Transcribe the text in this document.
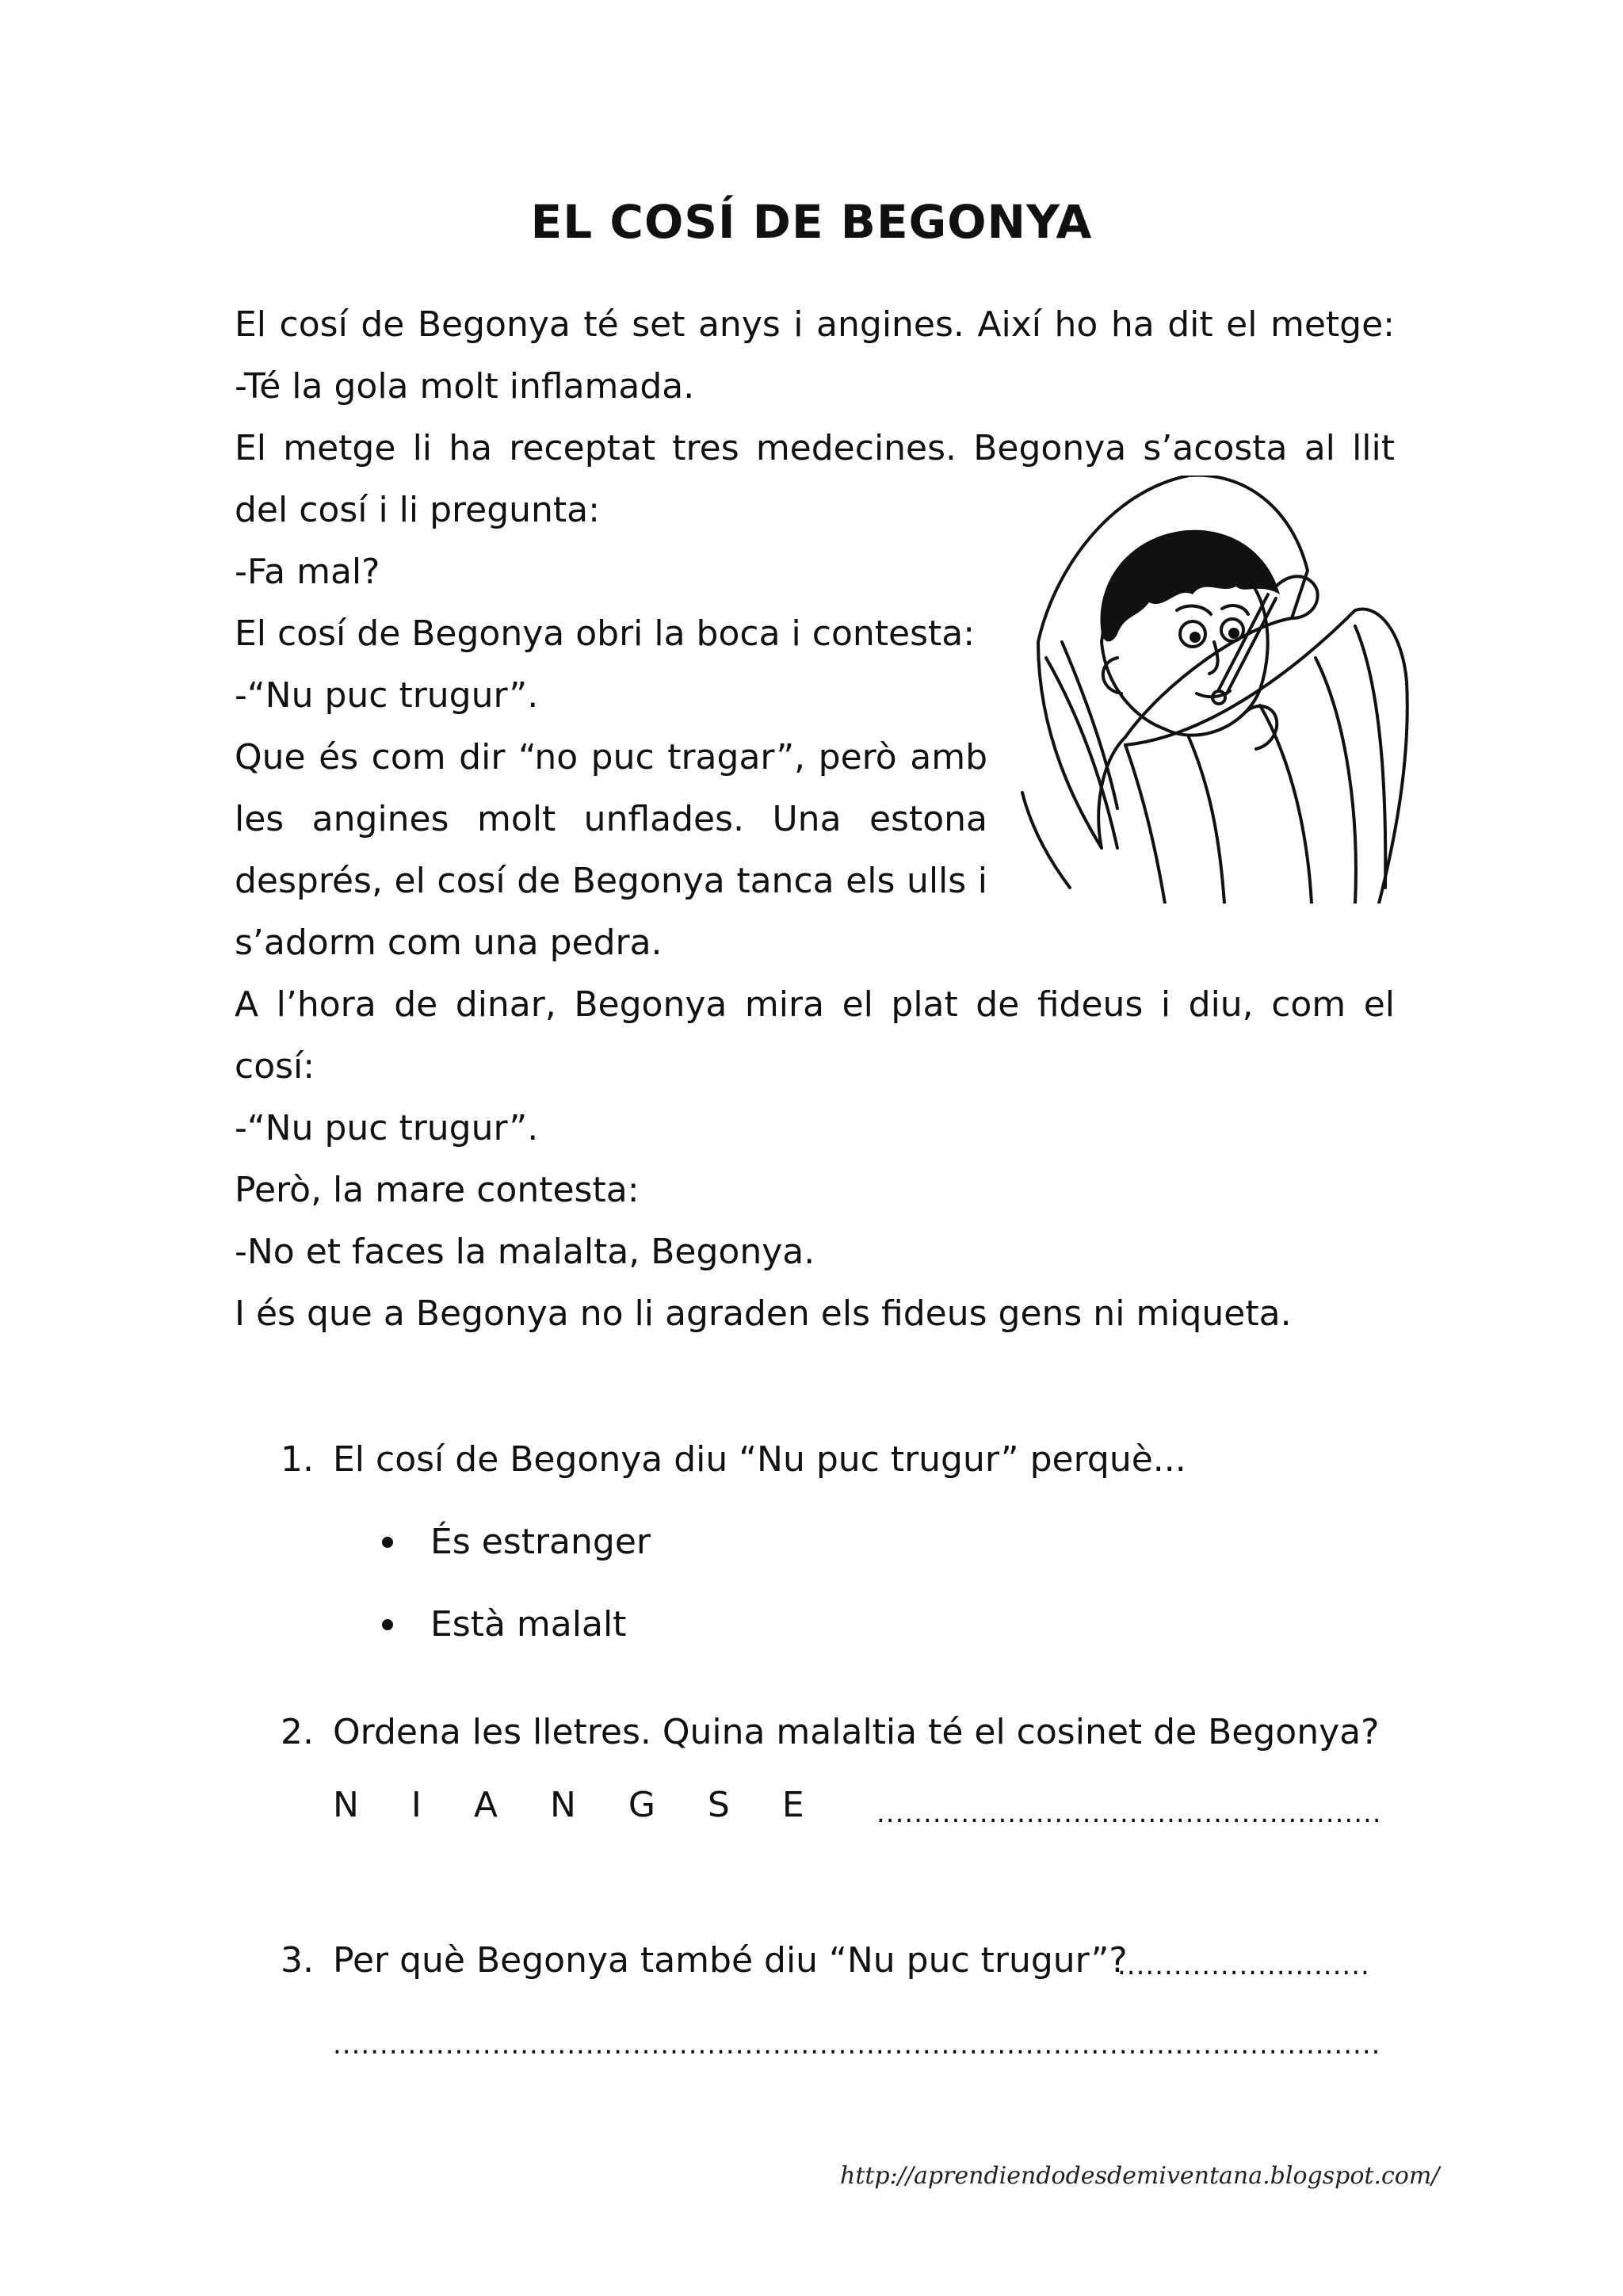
EL COSÍ DE BEGONYA
El cosí de Begonya té set anys i angines. Així ho ha dit el metge:
-Té la gola molt inflamada.
El metge li ha receptat tres medecines. Begonya s’acosta al llit
del cosí i li pregunta:
-Fa mal?
El cosí de Begonya obri la boca i contesta:
-“Nu puc trugur”.
Que és com dir “no puc tragar”, però amb
les angines molt unflades. Una estona
després, el cosí de Begonya tanca els ulls i
s’adorm com una pedra.
A l’hora de dinar, Begonya mira el plat de fideus i diu, com el
cosí:
-“Nu puc trugur”.
Però, la mare contesta:
-No et faces la malalta, Begonya.
I és que a Begonya no li agraden els fideus gens ni miqueta.
1. El cosí de Begonya diu “Nu puc trugur” perquè...
És estranger
Està malalt
2. Ordena les lletres. Quina malaltia té el cosinet de Begonya?
N I A N G S E ......................................................
3. Per què Begonya també diu “Nu puc trugur”?
...........................
................................................................................................................
http://aprendiendodesdemiventana.blogspot.com/
